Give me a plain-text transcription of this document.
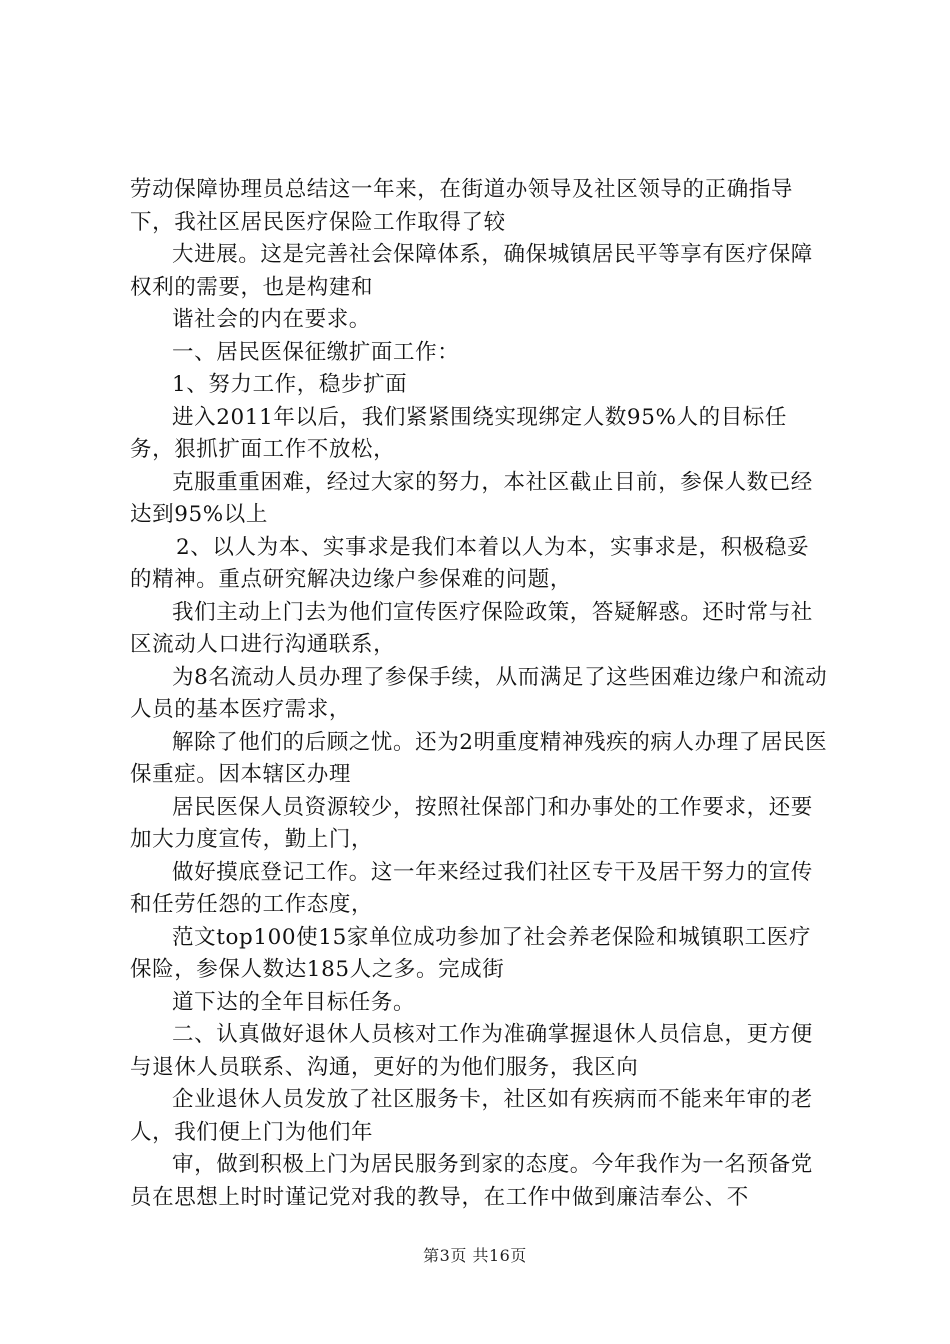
劳动保障协理员总结这一年来，在街道办领导及社区领导的正确指导下，我社区居民医疗保险工作取得了较

大进展。这是完善社会保障体系，确保城镇居民平等享有医疗保障权利的需要，也是构建和

谐社会的内在要求。

一、居民医保征缴扩面工作：

1、努力工作，稳步扩面

进入2011年以后，我们紧紧围绕实现绑定人数95%人的目标任务，狠抓扩面工作不放松，

克服重重困难，经过大家的努力，本社区截止目前，参保人数已经达到95%以上

2、以人为本、实事求是我们本着以人为本，实事求是，积极稳妥的精神。重点研究解决边缘户参保难的问题，

我们主动上门去为他们宣传医疗保险政策，答疑解惑。还时常与社区流动人口进行沟通联系，

为8名流动人员办理了参保手续，从而满足了这些困难边缘户和流动人员的基本医疗需求，

解除了他们的后顾之忧。还为2明重度精神残疾的病人办理了居民医保重症。因本辖区办理

居民医保人员资源较少，按照社保部门和办事处的工作要求，还要加大力度宣传，勤上门，

做好摸底登记工作。这一年来经过我们社区专干及居干努力的宣传和任劳任怨的工作态度，

范文top100使15家单位成功参加了社会养老保险和城镇职工医疗保险，参保人数达185人之多。完成街

道下达的全年目标任务。

二、认真做好退休人员核对工作为准确掌握退休人员信息，更方便与退休人员联系、沟通，更好的为他们服务，我区向

企业退休人员发放了社区服务卡，社区如有疾病而不能来年审的老人，我们便上门为他们年

审，做到积极上门为居民服务到家的态度。今年我作为一名预备党员在思想上时时谨记党对我的教导，在工作中做到廉洁奉公、不

第3页 共16页
